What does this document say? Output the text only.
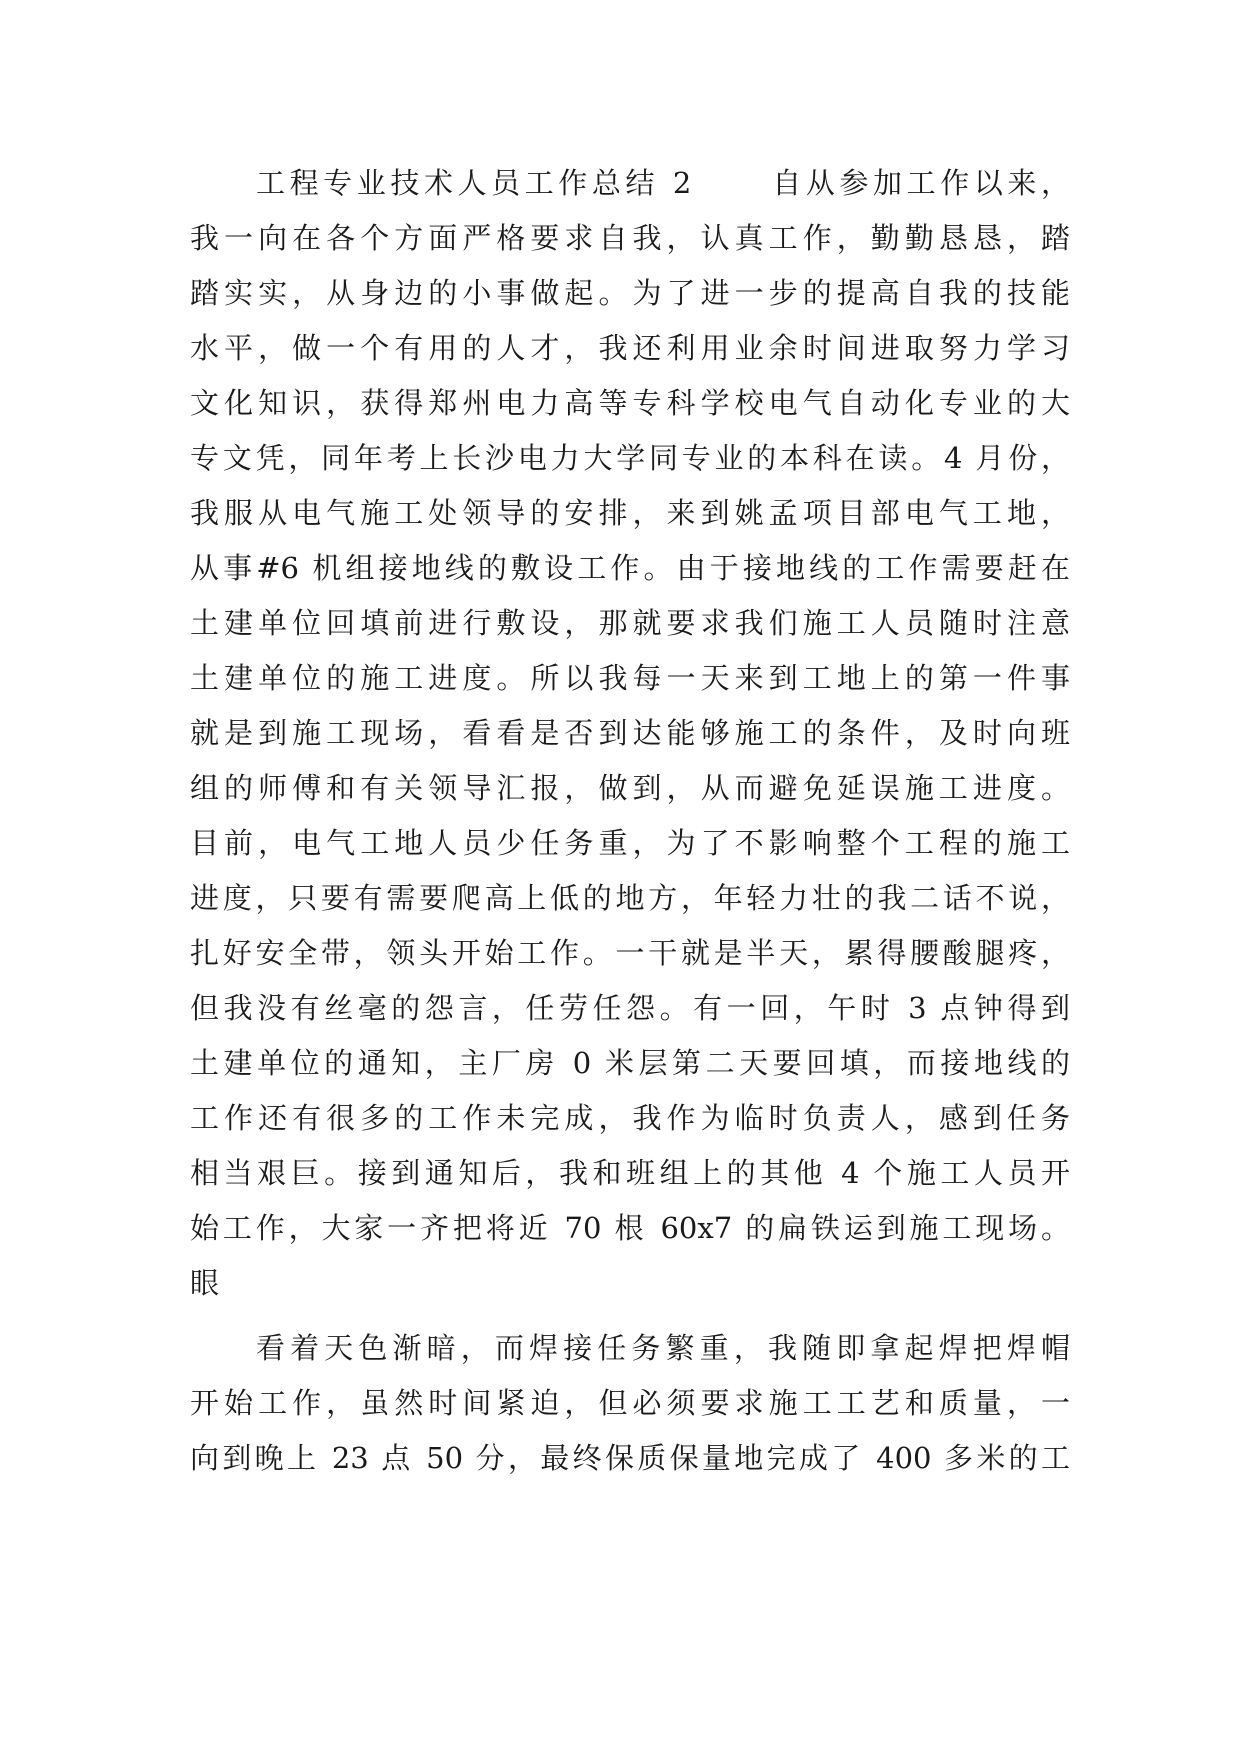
工程专业技术人员工作总结 2 　　自从参加工作以来，
我一向在各个方面严格要求自我，认真工作，勤勤恳恳，踏
踏实实，从身边的小事做起。为了进一步的提高自我的技能
水平，做一个有用的人才，我还利用业余时间进取努力学习
文化知识，获得郑州电力高等专科学校电气自动化专业的大
专文凭，同年考上长沙电力大学同专业的本科在读。4 月份，
我服从电气施工处领导的安排，来到姚孟项目部电气工地，
从事#6 机组接地线的敷设工作。由于接地线的工作需要赶在
土建单位回填前进行敷设，那就要求我们施工人员随时注意
土建单位的施工进度。所以我每一天来到工地上的第一件事
就是到施工现场，看看是否到达能够施工的条件，及时向班
组的师傅和有关领导汇报，做到，从而避免延误施工进度。
目前，电气工地人员少任务重，为了不影响整个工程的施工
进度，只要有需要爬高上低的地方，年轻力壮的我二话不说，
扎好安全带，领头开始工作。一干就是半天，累得腰酸腿疼，
但我没有丝毫的怨言，任劳任怨。有一回，午时 3 点钟得到
土建单位的通知，主厂房 0 米层第二天要回填，而接地线的
工作还有很多的工作未完成，我作为临时负责人，感到任务
相当艰巨。接到通知后，我和班组上的其他 4 个施工人员开
始工作，大家一齐把将近 70 根 60x7 的扁铁运到施工现场。
眼
看着天色渐暗，而焊接任务繁重，我随即拿起焊把焊帽
开始工作，虽然时间紧迫，但必须要求施工工艺和质量，一
向到晚上 23 点 50 分，最终保质保量地完成了 400 多米的工
